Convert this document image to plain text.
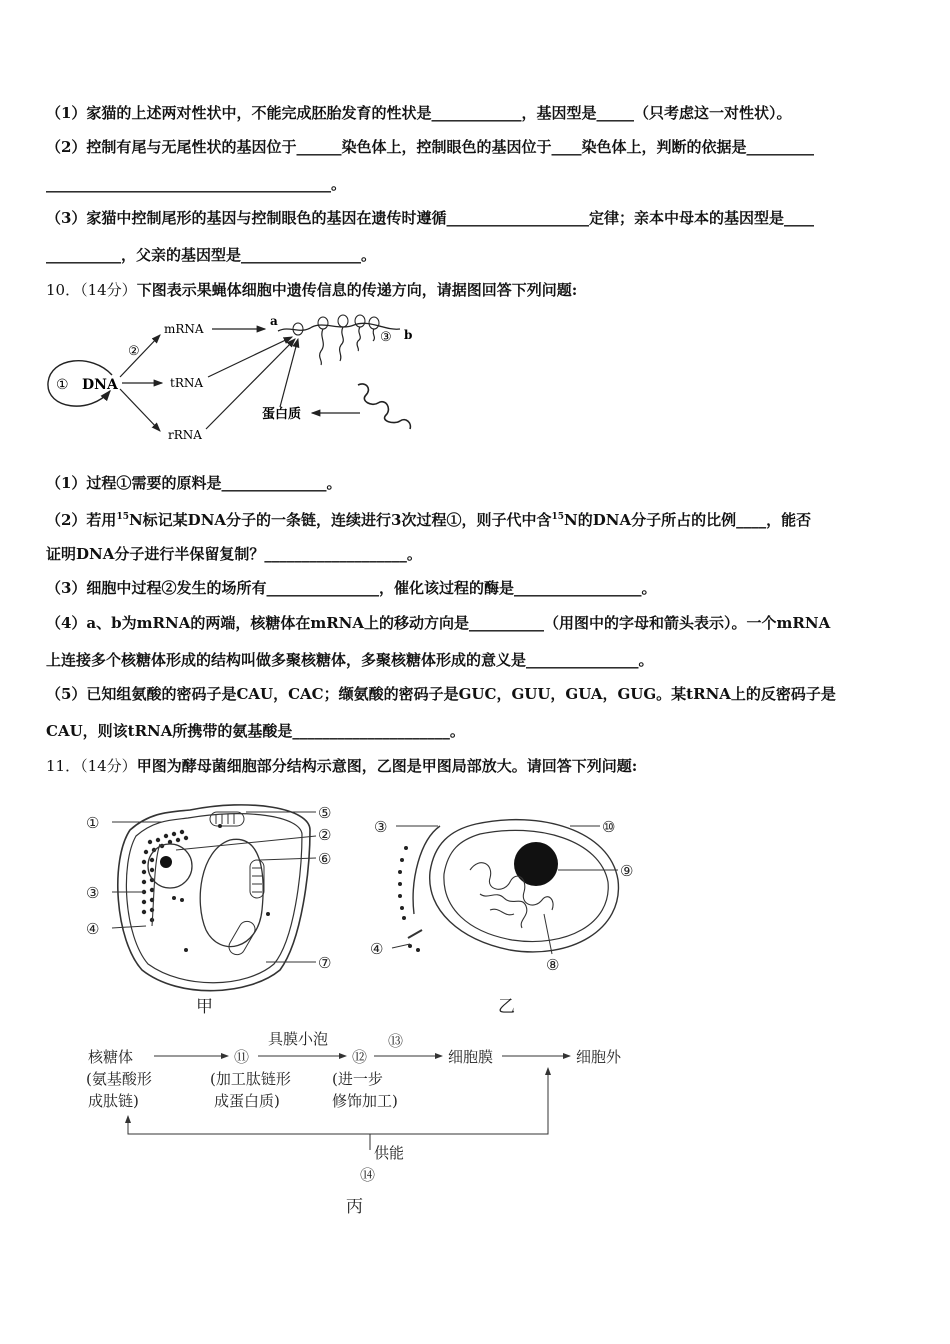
（1）家猫的上述两对性状中，不能完成胚胎发育的性状是____________，基因型是_____（只考虑这一对性状）。
（2）控制有尾与无尾性状的基因位于______染色体上，控制眼色的基因位于____染色体上，判断的依据是_________
______________________________________。
（3）家猫中控制尾形的基因与控制眼色的基因在遗传时遵循___________________定律；亲本中母本的基因型是____
__________，父亲的基因型是________________。
10．（14分）下图表示果蝇体细胞中遗传信息的传递方向，请据图回答下列问题:
① DNA
②
mRNA
tRNA
rRNA
a
③ b
蛋白质
（1）过程①需要的原料是______________。
（2）若用$^{15}$N标记某DNA分子的一条链，连续进行3次过程①，则子代中含$^{15}$N的DNA分子所占的比例____，能否
证明DNA分子进行半保留复制？___________________。
（3）细胞中过程②发生的场所有_______________，催化该过程的酶是_________________。
（4）a、b为mRNA的两端，核糖体在mRNA上的移动方向是__________（用图中的字母和箭头表示）。一个mRNA
上连接多个核糖体形成的结构叫做多聚核糖体，多聚核糖体形成的意义是_______________。
（5）已知组氨酸的密码子是CAU，CAC；缬氨酸的密码子是GUC，GUU，GUA，GUG。某tRNA上的反密码子是
CAU，则该tRNA所携带的氨基酸是_____________________。
11．（14分）甲图为酵母菌细胞部分结构示意图，乙图是甲图局部放大。请回答下列问题:
①
⑤
②
⑥
③
④
⑦
甲
③	⑩
⑨
④
⑧
乙
核糖体
(氨基酸形
成肽链)
⑪
(加工肽链形
成蛋白质)
具膜小泡
⑫
(进一步
修饰加工)
⑬
细胞膜	细胞外
供能
⑭
丙
